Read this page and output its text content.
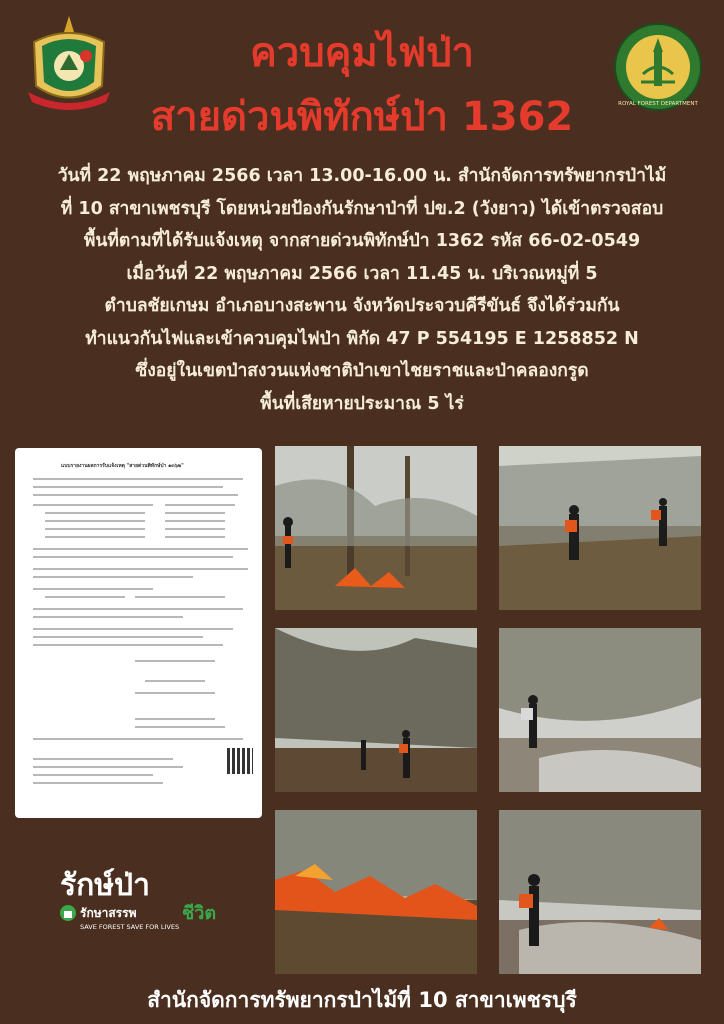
ควบคุมไฟป่า
สายด่วนพิทักษ์ป่า 1362	ROYAL FOREST DEPARTMENT
วันที่ 22 พฤษภาคม 2566 เวลา 13.00-16.00 น. สำนักจัดการทรัพยากรป่าไม้
ที่ 10 สาขาเพชรบุรี โดยหน่วยป้องกันรักษาป่าที่ ปข.2 (วังยาว) ได้เข้าตรวจสอบ
พื้นที่ตามที่ได้รับแจ้งเหตุ จากสายด่วนพิทักษ์ป่า 1362 รหัส 66-02-0549
เมื่อวันที่ 22 พฤษภาคม 2566 เวลา 11.45 น. บริเวณหมู่ที่ 5
ตำบลชัยเกษม อำเภอบางสะพาน จังหวัดประจวบคีรีขันธ์ จึงได้ร่วมกัน
ทำแนวกันไฟและเข้าควบคุมไฟป่า พิกัด 47 P 554195 E 1258852 N
ซึ่งอยู่ในเขตป่าสงวนแห่งชาติป่าเขาไชยราชและป่าคลองกรูด
พื้นที่เสียหายประมาณ 5 ไร่
แบบรายงานผลการรับแจ้งเหตุ "สายด่วนพิทักษ์ป่า ๑๓๖๒"
รักษ์ป่า
ชีวิต
รักษาสรรพ
SAVE FOREST SAVE FOR LIVES
สำนักจัดการทรัพยากรป่าไม้ที่ 10 สาขาเพชรบุรี
